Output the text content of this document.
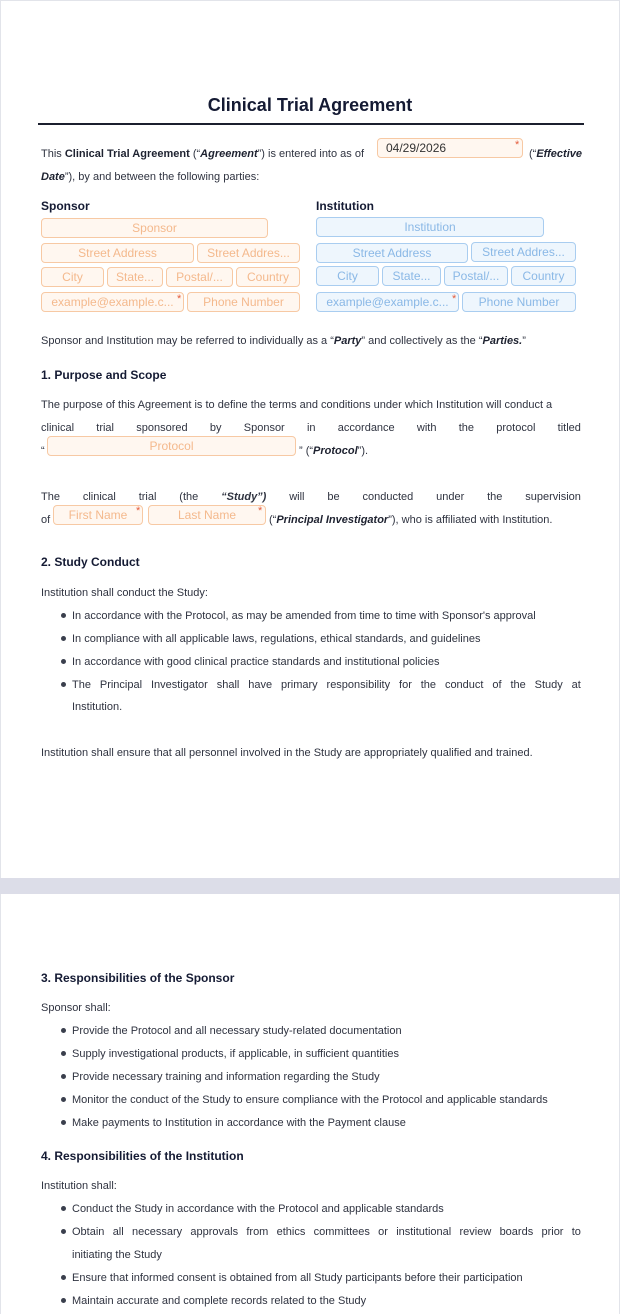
Clinical Trial Agreement
This Clinical Trial Agreement (“Agreement”) is entered into as of	04/29/2026	*
(“Effective
Date”), by and between the following parties:
Sponsor
Sponsor
Street Address	Street Addres...
City	State...	Postal/...	Country
example@example.c... *	Phone Number
Institution
Institution
Street Address	Street Addres...
City	State...	Postal/...	Country
example@example.c... *	Phone Number
Sponsor and Institution may be referred to individually as a “Party” and collectively as the “Parties.”
1. Purpose and Scope
The purpose of this Agreement is to define the terms and conditions under which Institution will conduct a
clinical trial sponsored by Sponsor in accordance with the protocol titled
“	Protocol	” (“Protocol”).
The clinical trial (the “Study”) will be conducted under the supervision
of	First Name *	Last Name	*
(“Principal Investigator”), who is affiliated with Institution.
2. Study Conduct
Institution shall conduct the Study:
In accordance with the Protocol, as may be amended from time to time with Sponsor's approval
In compliance with all applicable laws, regulations, ethical standards, and guidelines
In accordance with good clinical practice standards and institutional policies
The Principal Investigator shall have primary responsibility for the conduct of the Study at
Institution.
Institution shall ensure that all personnel involved in the Study are appropriately qualified and trained.
3. Responsibilities of the Sponsor
Sponsor shall:
Provide the Protocol and all necessary study-related documentation
Supply investigational products, if applicable, in sufficient quantities
Provide necessary training and information regarding the Study
Monitor the conduct of the Study to ensure compliance with the Protocol and applicable standards
Make payments to Institution in accordance with the Payment clause
4. Responsibilities of the Institution
Institution shall:
Conduct the Study in accordance with the Protocol and applicable standards
Obtain all necessary approvals from ethics committees or institutional review boards prior to
initiating the Study
Ensure that informed consent is obtained from all Study participants before their participation
Maintain accurate and complete records related to the Study
